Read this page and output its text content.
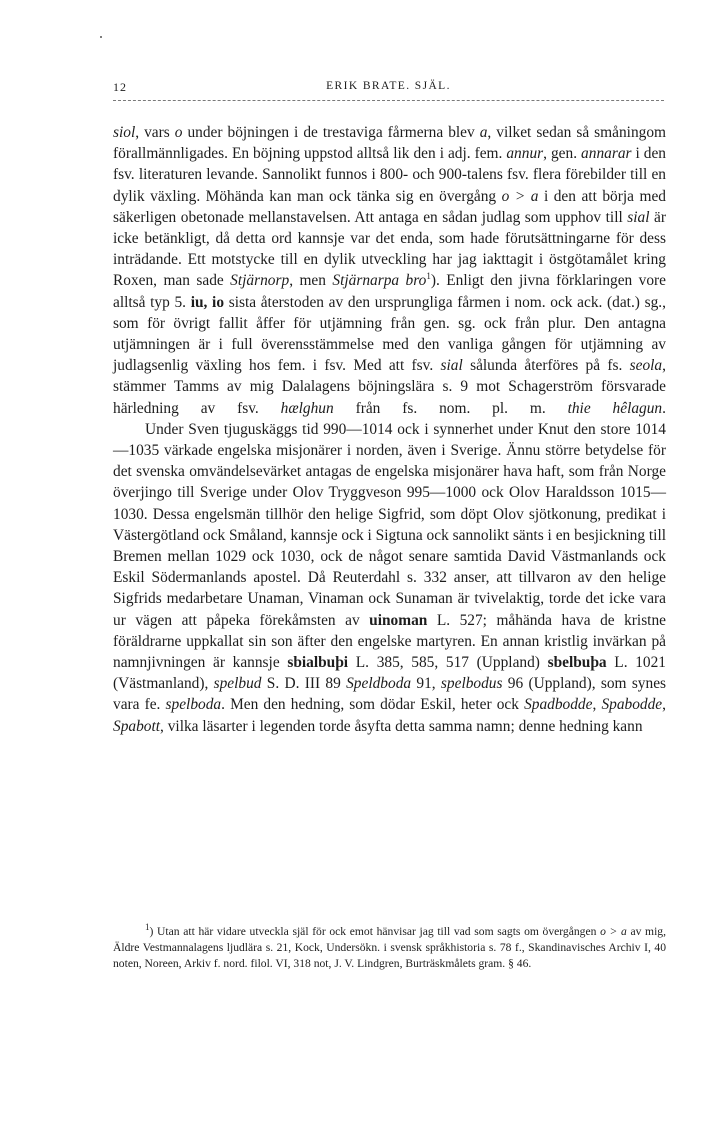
12	ERIK BRATE. SJÄL.

siol, vars o under böjningen i de trestaviga fårmerna blev a, vilket sedan så småningom förallmännligades. En böjning uppstod alltså lik den i adj. fem. annur, gen. annarar i den fsv. literaturen levande. Sannolikt funnos i 800- och 900-talens fsv. flera förebilder till en dylik växling. Möhända kan man ock tänka sig en övergång o > a i den att börja med säkerligen obetonade mellanstavelsen. Att antaga en sådan judlag som upphov till sial är icke betänkligt, då detta ord kannsje var det enda, som hade förutsättningarne för dess inträdande. Ett motstycke till en dylik utveckling har jag iakttagit i östgötamålet kring Roxen, man sade Stjärnorp, men Stjärnarpa bro$^1$). Enligt den jivna förklaringen vore alltså typ 5. iu, io sista återstoden av den ursprungliga fårmen i nom. ock ack. (dat.) sg., som för övrigt fallit åffer för utjämning från gen. sg. ock från plur. Den antagna utjämningen är i full överensstämmelse med den vanliga gången för utjämning av judlagsenlig växling hos fem. i fsv. Med att fsv. sial sålunda återföres på fs. seola, stämmer Tamms av mig Dalalagens böjningslära s. 9 mot Schagerström försvarade härledning av fsv. hælghun från fs. nom. pl. m. thie hêlagun.

Under Sven tjuguskäggs tid 990—1014 ock i synnerhet under Knut den store 1014—1035 värkade engelska misjonärer i norden, även i Sverige. Ännu större betydelse för det svenska omvändelsevärket antagas de engelska misjonärer hava haft, som från Norge överjingo till Sverige under Olov Tryggveson 995—1000 ock Olov Haraldsson 1015—1030. Dessa engelsmän tillhör den helige Sigfrid, som döpt Olov sjötkonung, predikat i Västergötland ock Småland, kannsje ock i Sigtuna ock sannolikt sänts i en besjickning till Bremen mellan 1029 ock 1030, ock de något senare samtida David Västmanlands ock Eskil Södermanlands apostel. Då Reuterdahl s. 332 anser, att tillvaron av den helige Sigfrids medarbetare Unaman, Vinaman ock Sunaman är tvivelaktig, torde det icke vara ur vägen att påpeka förekåmsten av uinoman L. 527; måhända hava de kristne föräldrarne uppkallat sin son äfter den engelske martyren. En annan kristlig invärkan på namnjivningen är kannsje sbialbuþi L. 385, 585, 517 (Uppland) sbelbuþa L. 1021 (Västmanland), spelbud S. D. III 89 Speldboda 91, spelbodus 96 (Uppland), som synes vara fe. spelboda. Men den hedning, som dödar Eskil, heter ock Spadbodde, Spabodde, Spabott, vilka läsarter i legenden torde åsyfta detta samma namn; denne hedning kann

$^1$) Utan att här vidare utveckla själ för ock emot hänvisar jag till vad som sagts om övergången o > a av mig, Äldre Vestmannalagens ljudlära s. 21, Kock, Undersökn. i svensk språkhistoria s. 78 f., Skandinavisches Archiv I, 40 noten, Noreen, Arkiv f. nord. filol. VI, 318 not, J. V. Lindgren, Burträskmålets gram. § 46.
